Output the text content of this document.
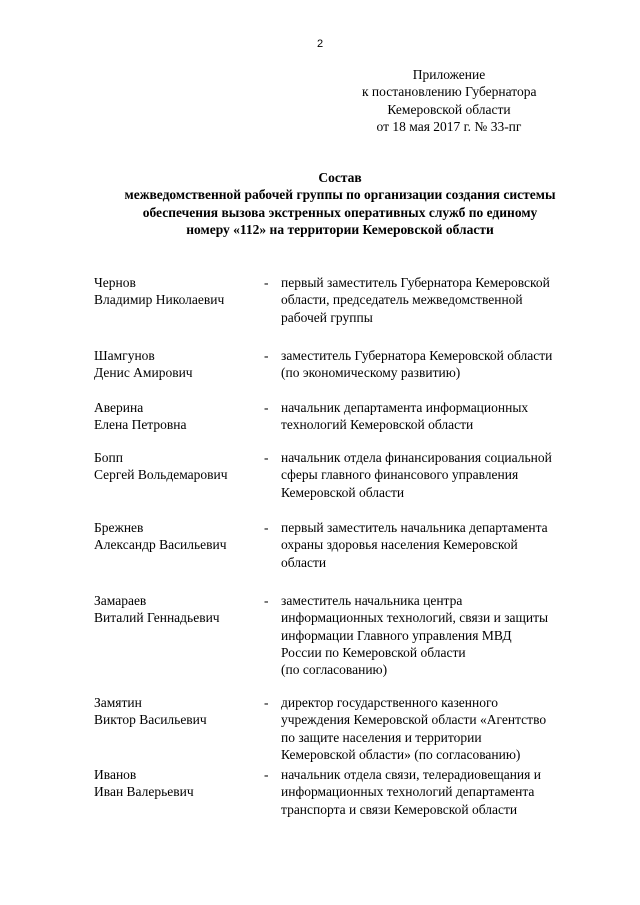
2
Приложение
к постановлению Губернатора
Кемеровской области
от 18 мая 2017 г. № 33-пг
Состав
межведомственной рабочей группы по организации создания системы
обеспечения вызова экстренных оперативных служб по единому
номеру «112» на территории Кемеровской области
Чернов
Владимир Николаевич
- первый заместитель Губернатора Кемеровской
области, председатель межведомственной
рабочей группы
Шамгунов
Денис Амирович
- заместитель Губернатора Кемеровской области
(по экономическому развитию)
Аверина
Елена Петровна
- начальник департамента информационных
технологий Кемеровской области
Бопп
Сергей Вольдемарович
- начальник отдела финансирования социальной
сферы главного финансового управления
Кемеровской области
Брежнев
Александр Васильевич
- первый заместитель начальника департамента
охраны здоровья населения Кемеровской
области
Замараев
Виталий Геннадьевич
- заместитель начальника центра
информационных технологий, связи и защиты
информации Главного управления МВД
России по Кемеровской области
(по согласованию)
Замятин
Виктор Васильевич
- директор государственного казенного
учреждения Кемеровской области «Агентство
по защите населения и территории
Кемеровской области» (по согласованию)
Иванов
Иван Валерьевич
- начальник отдела связи, телерадиовещания и
информационных технологий департамента
транспорта и связи Кемеровской области
